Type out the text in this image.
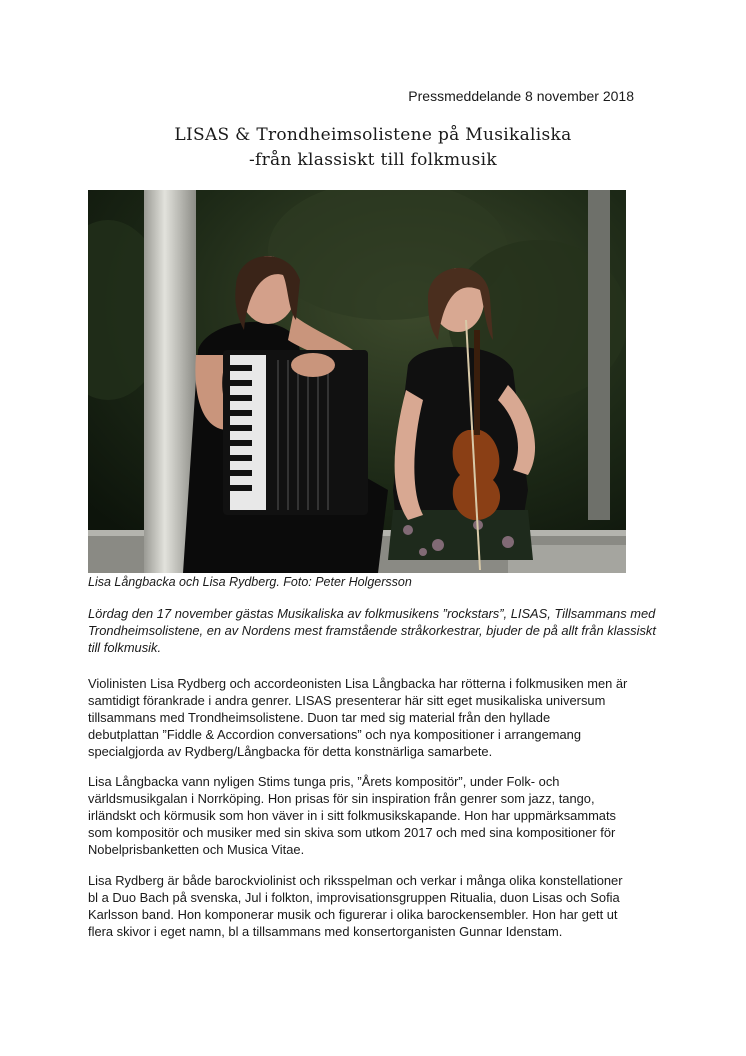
Pressmeddelande 8 november 2018
LISAS & Trondheimsolistene på Musikaliska
-från klassiskt till folkmusik
Lisa Långbacka och Lisa Rydberg. Foto: Peter Holgersson

Lördag den 17 november gästas Musikaliska av folkmusikens ”rockstars”, LISAS, Tillsammans med

Trondheimsolistene, en av Nordens mest framstående stråkorkestrar, bjuder de på allt från klassiskt

till folkmusik.

Violinisten Lisa Rydberg och accordeonisten Lisa Långbacka har rötterna i folkmusiken men är

samtidigt förankrade i andra genrer. LISAS presenterar här sitt eget musikaliska universum

tillsammans med Trondheimsolistene. Duon tar med sig material från den hyllade

debutplattan ”Fiddle & Accordion conversations” och nya kompositioner i arrangemang

specialgjorda av Rydberg/Långbacka för detta konstnärliga samarbete.

Lisa Långbacka vann nyligen Stims tunga pris, ”Årets kompositör”, under Folk- och

världsmusikgalan i Norrköping. Hon prisas för sin inspiration från genrer som jazz, tango,

irländskt och körmusik som hon väver in i sitt folkmusikskapande. Hon har uppmärksammats

som kompositör och musiker med sin skiva som utkom 2017 och med sina kompositioner för

Nobelprisbanketten och Musica Vitae.

Lisa Rydberg är både barockviolinist och riksspelman och verkar i många olika konstellationer

bl a Duo Bach på svenska, Jul i folkton, improvisationsgruppen Ritualia, duon Lisas och Sofia

Karlsson band. Hon komponerar musik och figurerar i olika barockensembler. Hon har gett ut

flera skivor i eget namn, bl a tillsammans med konsertorganisten Gunnar Idenstam.
